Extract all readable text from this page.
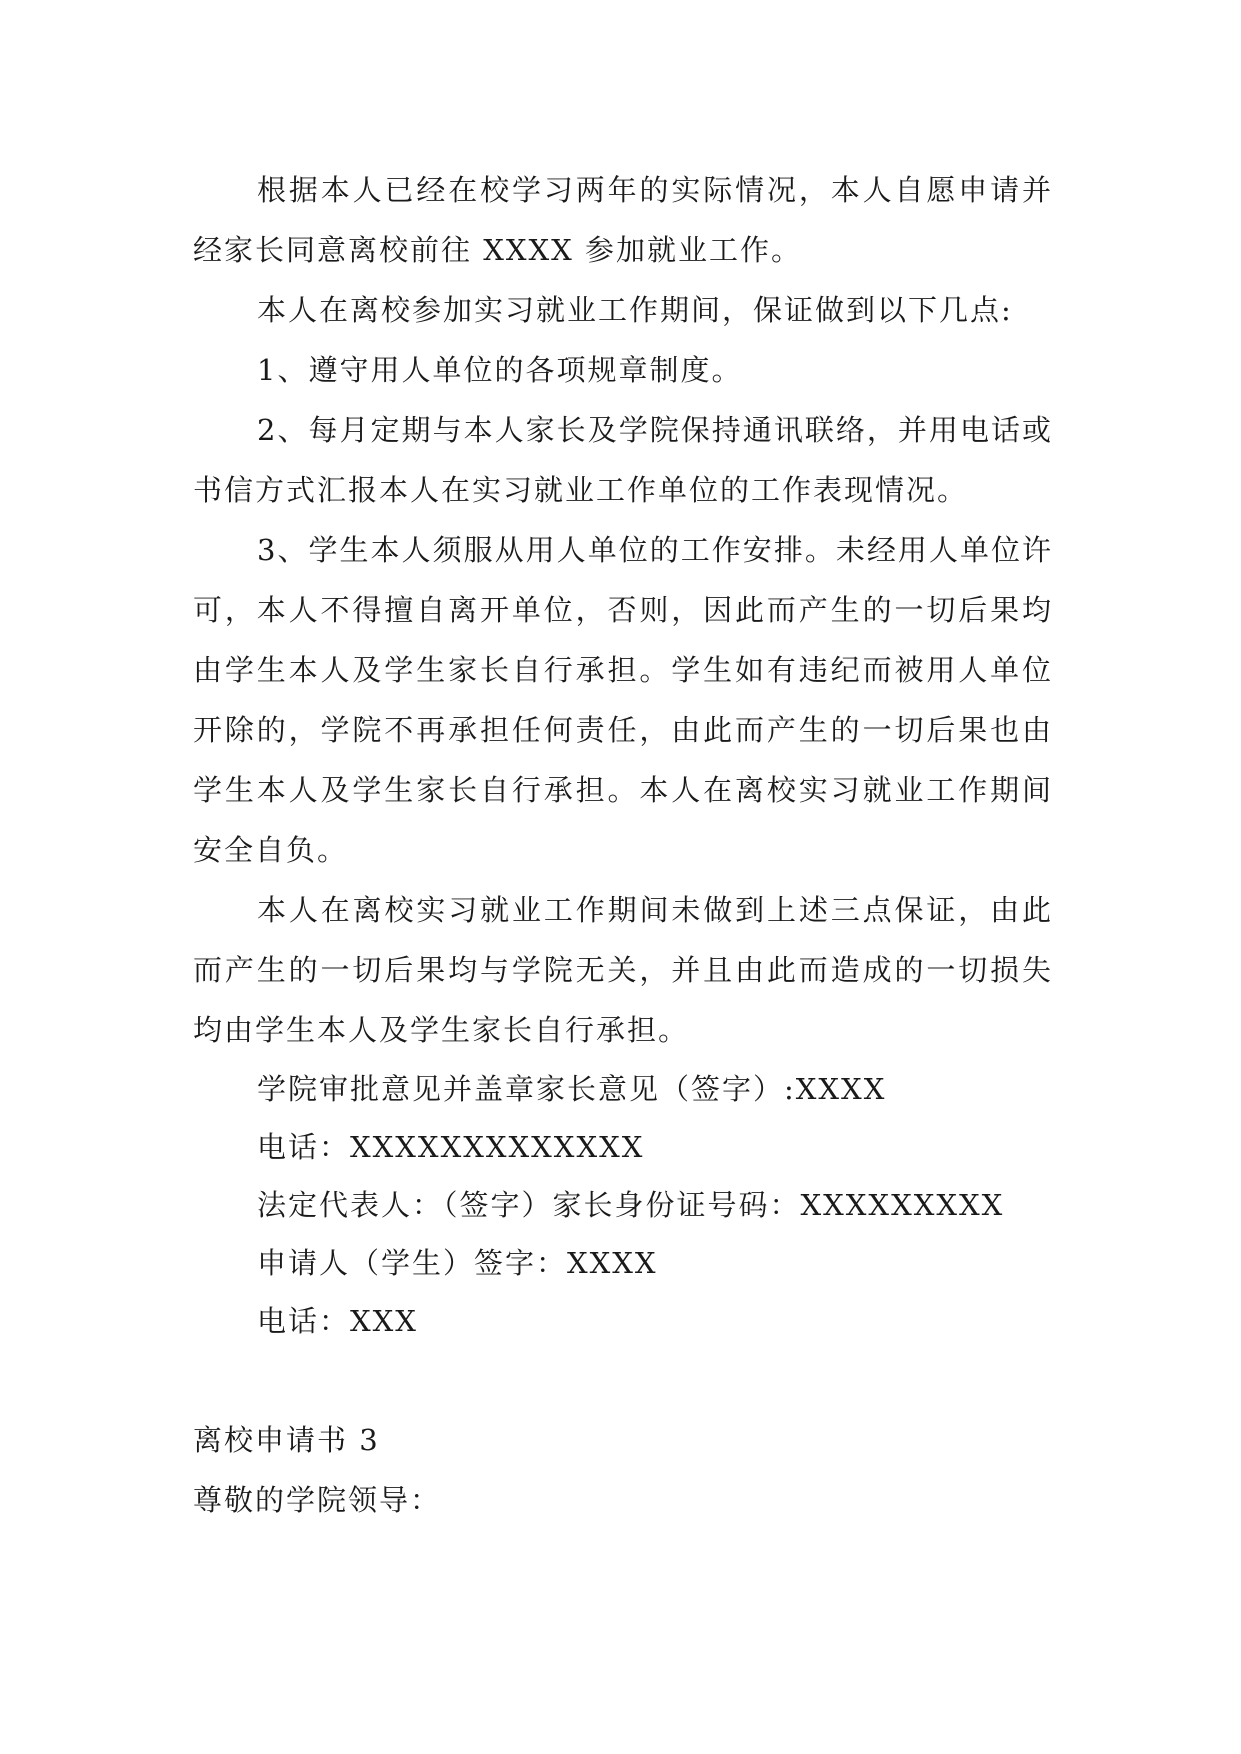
根据本人已经在校学习两年的实际情况，本人自愿申请并经家长同意离校前往 XXXX 参加就业工作。

本人在离校参加实习就业工作期间，保证做到以下几点:

1、遵守用人单位的各项规章制度。

2、每月定期与本人家长及学院保持通讯联络，并用电话或书信方式汇报本人在实习就业工作单位的工作表现情况。

3、学生本人须服从用人单位的工作安排。未经用人单位许可，本人不得擅自离开单位，否则，因此而产生的一切后果均由学生本人及学生家长自行承担。学生如有违纪而被用人单位开除的，学院不再承担任何责任，由此而产生的一切后果也由学生本人及学生家长自行承担。本人在离校实习就业工作期间安全自负。

本人在离校实习就业工作期间未做到上述三点保证，由此而产生的一切后果均与学院无关，并且由此而造成的一切损失均由学生本人及学生家长自行承担。

学院审批意见并盖章家长意见（签字）:XXXX

电话：XXXXXXXXXXXXX

法定代表人：（签字）家长身份证号码：XXXXXXXXX

申请人（学生）签字：XXXX

电话：XXX

离校申请书 3

尊敬的学院领导：
